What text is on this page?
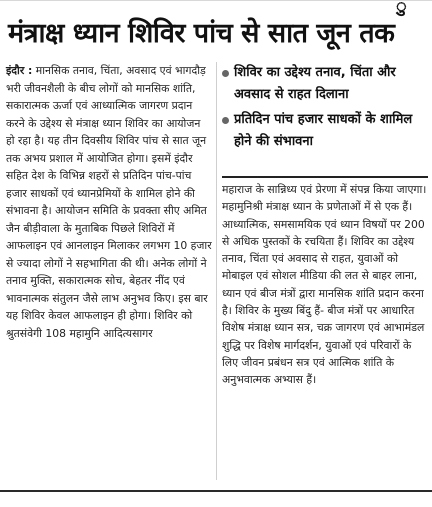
ु
मंत्राक्ष ध्यान शिविर पांच से सात जून तक
इंदौर : मानसिक तनाव, चिंता, अवसाद एवं भागदौड़ भरी जीवनशैली के बीच लोगों को मानसिक शांति, सकारात्मक ऊर्जा एवं आध्यात्मिक जागरण प्रदान करने के उद्देश्य से मंत्राक्ष ध्यान शिविर का आयोजन हो रहा है। यह तीन दिवसीय शिविर पांच से सात जून तक अभय प्रशाल में आयोजित होगा। इसमें इंदौर सहित देश के विभिन्न शहरों से प्रतिदिन पांच-पांच हजार साधकों एवं ध्यानप्रेमियों के शामिल होने की संभावना है। आयोजन समिति के प्रवक्ता सीए अमित जैन बीड़ीवाला के मुताबिक पिछले शिविरों में आफलाइन एवं आनलाइन मिलाकर लगभग 10 हजार से ज्यादा लोगों ने सहभागिता की थी। अनेक लोगों ने तनाव मुक्ति, सकारात्मक सोच, बेहतर नींद एवं भावनात्मक संतुलन जैसे लाभ अनुभव किए। इस बार यह शिविर केवल आफलाइन ही होगा। शिविर को श्रुतसंवेगी 108 महामुनि आदित्यसागर
शिविर का उद्देश्य तनाव, चिंता और अवसाद से राहत दिलाना
प्रतिदिन पांच हजार साधकों के शामिल होने की संभावना
महाराज के सान्निध्य एवं प्रेरणा में संपन्न किया जाएगा। महामुनिश्री मंत्राक्ष ध्यान के प्रणेताओं में से एक हैं। आध्यात्मिक, समसामयिक एवं ध्यान विषयों पर 200 से अधिक पुस्तकों के रचयिता हैं। शिविर का उद्देश्य तनाव, चिंता एवं अवसाद से राहत, युवाओं को मोबाइल एवं सोशल मीडिया की लत से बाहर लाना, ध्यान एवं बीज मंत्रों द्वारा मानसिक शांति प्रदान करना है। शिविर के मुख्य बिंदु हैं- बीज मंत्रों पर आधारित विशेष मंत्राक्ष ध्यान सत्र, चक्र जागरण एवं आभामंडल शुद्धि पर विशेष मार्गदर्शन, युवाओं एवं परिवारों के लिए जीवन प्रबंधन सत्र एवं आत्मिक शांति के अनुभवात्मक अभ्यास हैं।
